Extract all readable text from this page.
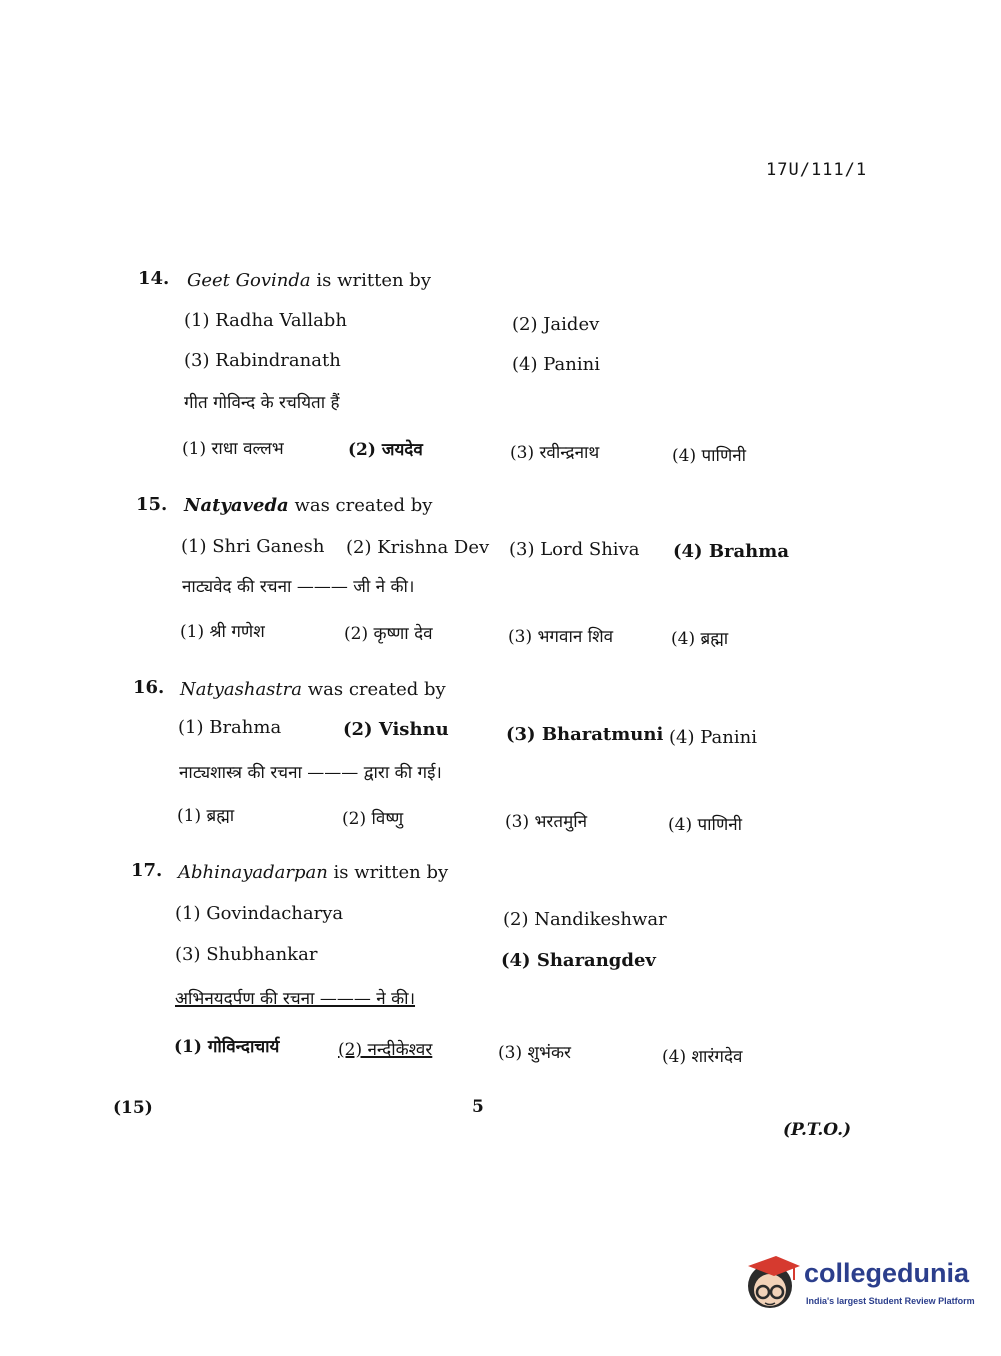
17U/111/1
14. Geet Govinda is written by
(1) Radha Vallabh	(2) Jaidev
(3) Rabindranath	(4) Panini
गीत गोविन्द के रचयिता हैं
(1) राधा वल्लभ	(2) जयदेव	(3) रवीन्द्रनाथ	(4) पाणिनी
15. Natyaveda was created by
(1) Shri Ganesh (2) Krishna Dev (3) Lord Shiva (4) Brahma
नाट्यवेद की रचना ——— जी ने की।
(1) श्री गणेश	(2) कृष्णा देव	(3) भगवान शिव	(4) ब्रह्मा
16. Natyashastra was created by
(1) Brahma	(2) Vishnu	(3) Bharatmuni (4) Panini
नाट्यशास्त्र की रचना ——— द्वारा की गई।
(1) ब्रह्मा	(2) विष्णु	(3) भरतमुनि	(4) पाणिनी
17. Abhinayadarpan is written by
(1) Govindacharya	(2) Nandikeshwar
(3) Shubhankar	(4) Sharangdev
अभिनयदर्पण की रचना ——— ने की।
(1) गोविन्दाचार्य	(2) नन्दीकेश्वर	(3) शुभंकर	(4) शारंगदेव
(15)	5
(P.T.O.)
collegedunia
India's largest Student Review Platform
